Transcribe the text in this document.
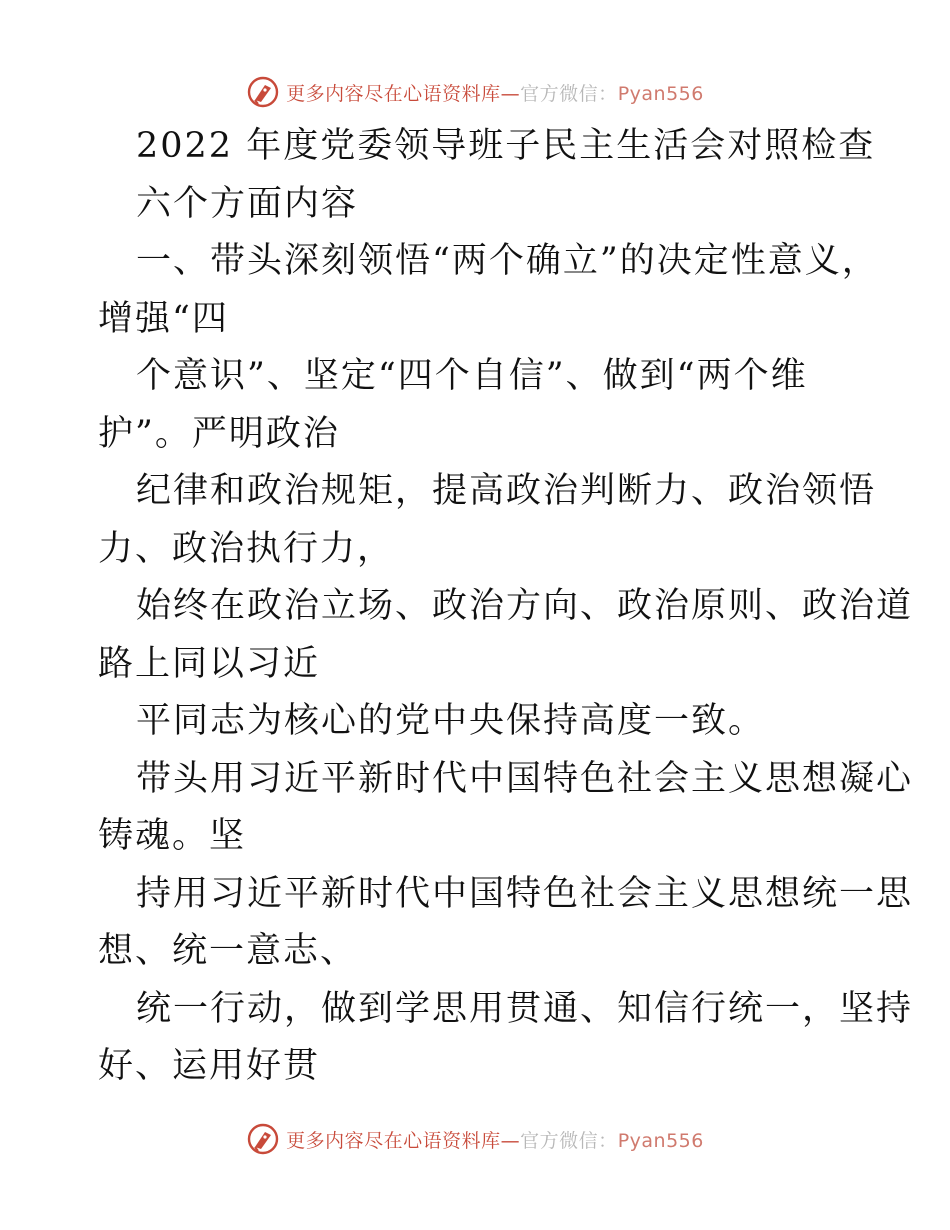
更多内容尽在心语资料库—官方微信：Pyan556
2022 年度党委领导班子民主生活会对照检查
六个方面内容
一、带头深刻领悟“两个确立”的决定性意义，
增强“四
个意识”、坚定“四个自信”、做到“两个维
护”。严明政治
纪律和政治规矩，提高政治判断力、政治领悟
力、政治执行力，
始终在政治立场、政治方向、政治原则、政治道
路上同以习近
平同志为核心的党中央保持高度一致。
带头用习近平新时代中国特色社会主义思想凝心
铸魂。坚
持用习近平新时代中国特色社会主义思想统一思
想、统一意志、
统一行动，做到学思用贯通、知信行统一，坚持
好、运用好贯
更多内容尽在心语资料库—官方微信：Pyan556
